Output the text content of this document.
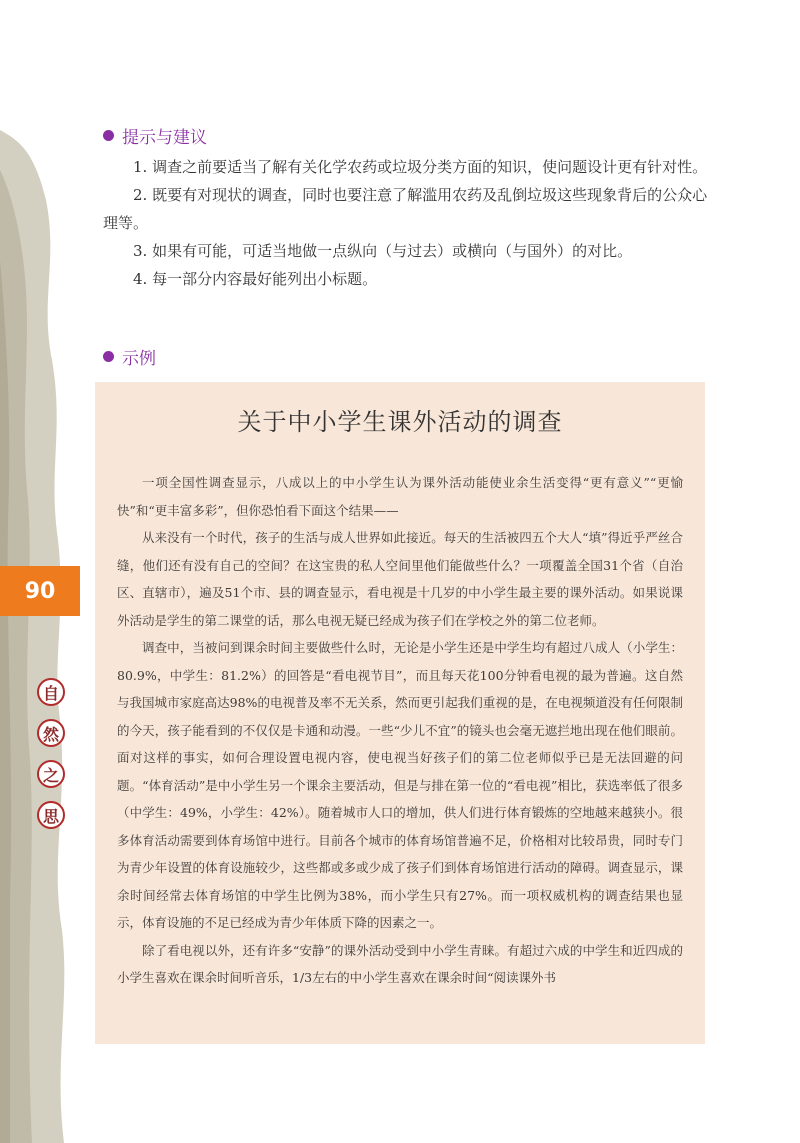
90
自
然
之
思
提示与建议

1. 调查之前要适当了解有关化学农药或垃圾分类方面的知识，使问题设计更有针对性。

2. 既要有对现状的调查，同时也要注意了解滥用农药及乱倒垃圾这些现象背后的公众心理等。

3. 如果有可能，可适当地做一点纵向（与过去）或横向（与国外）的对比。

4. 每一部分内容最好能列出小标题。

示例
关于中小学生课外活动的调查

一项全国性调查显示，八成以上的中小学生认为课外活动能使业余生活变得“更有意义”“更愉快”和“更丰富多彩”，但你恐怕看下面这个结果——

从来没有一个时代，孩子的生活与成人世界如此接近。每天的生活被四五个大人“填”得近乎严丝合缝，他们还有没有自己的空间？在这宝贵的私人空间里他们能做些什么？一项覆盖全国31个省（自治区、直辖市），遍及51个市、县的调查显示，看电视是十几岁的中小学生最主要的课外活动。如果说课外活动是学生的第二课堂的话，那么电视无疑已经成为孩子们在学校之外的第二位老师。

调查中，当被问到课余时间主要做些什么时，无论是小学生还是中学生均有超过八成人（小学生：80.9%，中学生：81.2%）的回答是“看电视节目”，而且每天花100分钟看电视的最为普遍。这自然与我国城市家庭高达98%的电视普及率不无关系，然而更引起我们重视的是，在电视频道没有任何限制的今天，孩子能看到的不仅仅是卡通和动漫。一些“少儿不宜”的镜头也会毫无遮拦地出现在他们眼前。面对这样的事实，如何合理设置电视内容，使电视当好孩子们的第二位老师似乎已是无法回避的问题。“体育活动”是中小学生另一个课余主要活动，但是与排在第一位的“看电视”相比，获选率低了很多（中学生：49%，小学生：42%）。随着城市人口的增加，供人们进行体育锻炼的空地越来越狭小。很多体育活动需要到体育场馆中进行。目前各个城市的体育场馆普遍不足，价格相对比较昂贵，同时专门为青少年设置的体育设施较少，这些都或多或少成了孩子们到体育场馆进行活动的障碍。调查显示，课余时间经常去体育场馆的中学生比例为38%，而小学生只有27%。而一项权威机构的调查结果也显示，体育设施的不足已经成为青少年体质下降的因素之一。

除了看电视以外，还有许多“安静”的课外活动受到中小学生青睐。有超过六成的中学生和近四成的小学生喜欢在课余时间听音乐，1/3左右的中小学生喜欢在课余时间“阅读课外书
